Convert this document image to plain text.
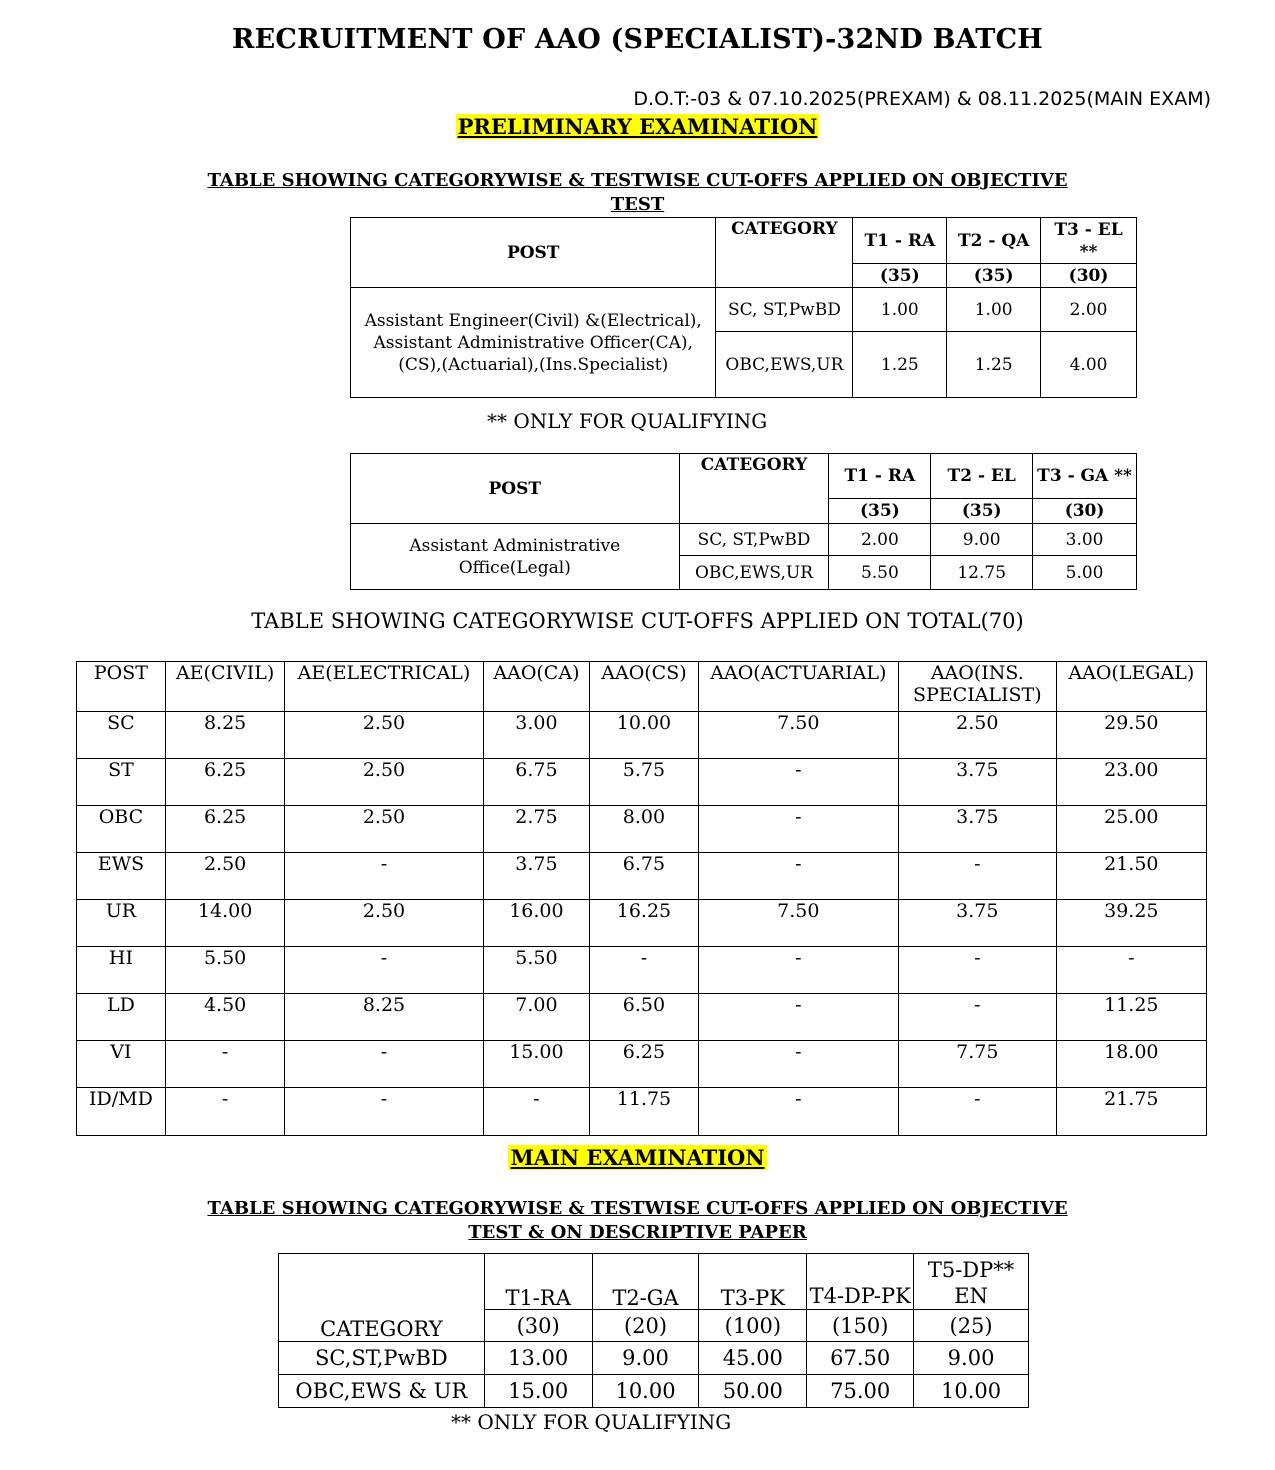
RECRUITMENT OF AAO (SPECIALIST)-32ND BATCH
D.O.T:-03 & 07.10.2025(PREXAM) & 08.11.2025(MAIN EXAM)
PRELIMINARY EXAMINATION
TABLE SHOWING CATEGORYWISE & TESTWISE CUT-OFFS APPLIED ON OBJECTIVE
TEST
POST	CATEGORY	T1 - RA	T2 - QA	T3 - EL **
		(35)	(35)	(30)
Assistant Engineer(Civil) &(Electrical), Assistant Administrative Officer(CA),(CS),(Actuarial),(Ins.Specialist)	SC, ST,PwBD	1.00	1.00	2.00
	OBC,EWS,UR	1.25	1.25	4.00
** ONLY FOR QUALIFYING
POST	CATEGORY	T1 - RA	T2 - EL	T3 - GA **
		(35)	(35)	(30)
Assistant Administrative Office(Legal)	SC, ST,PwBD	2.00	9.00	3.00
	OBC,EWS,UR	5.50	12.75	5.00
TABLE SHOWING CATEGORYWISE CUT-OFFS APPLIED ON TOTAL(70)
POST	AE(CIVIL)	AE(ELECTRICAL)	AAO(CA)	AAO(CS)	AAO(ACTUARIAL)	AAO(INS. SPECIALIST)	AAO(LEGAL)
SC	8.25	2.50	3.00	10.00	7.50	2.50	29.50
ST	6.25	2.50	6.75	5.75	-	3.75	23.00
OBC	6.25	2.50	2.75	8.00	-	3.75	25.00
EWS	2.50	-	3.75	6.75	-	-	21.50
UR	14.00	2.50	16.00	16.25	7.50	3.75	39.25
HI	5.50	-	5.50	-	-	-	-
LD	4.50	8.25	7.00	6.50	-	-	11.25
VI	-	-	15.00	6.25	-	7.75	18.00
ID/MD	-	-	-	11.75	-	-	21.75
MAIN EXAMINATION
TABLE SHOWING CATEGORYWISE & TESTWISE CUT-OFFS APPLIED ON OBJECTIVE
TEST & ON DESCRIPTIVE PAPER
CATEGORY	T1-RA	T2-GA	T3-PK	T4-DP-PK	T5-DP** EN
	(30)	(20)	(100)	(150)	(25)
SC,ST,PwBD	13.00	9.00	45.00	67.50	9.00
OBC,EWS & UR	15.00	10.00	50.00	75.00	10.00
** ONLY FOR QUALIFYING
